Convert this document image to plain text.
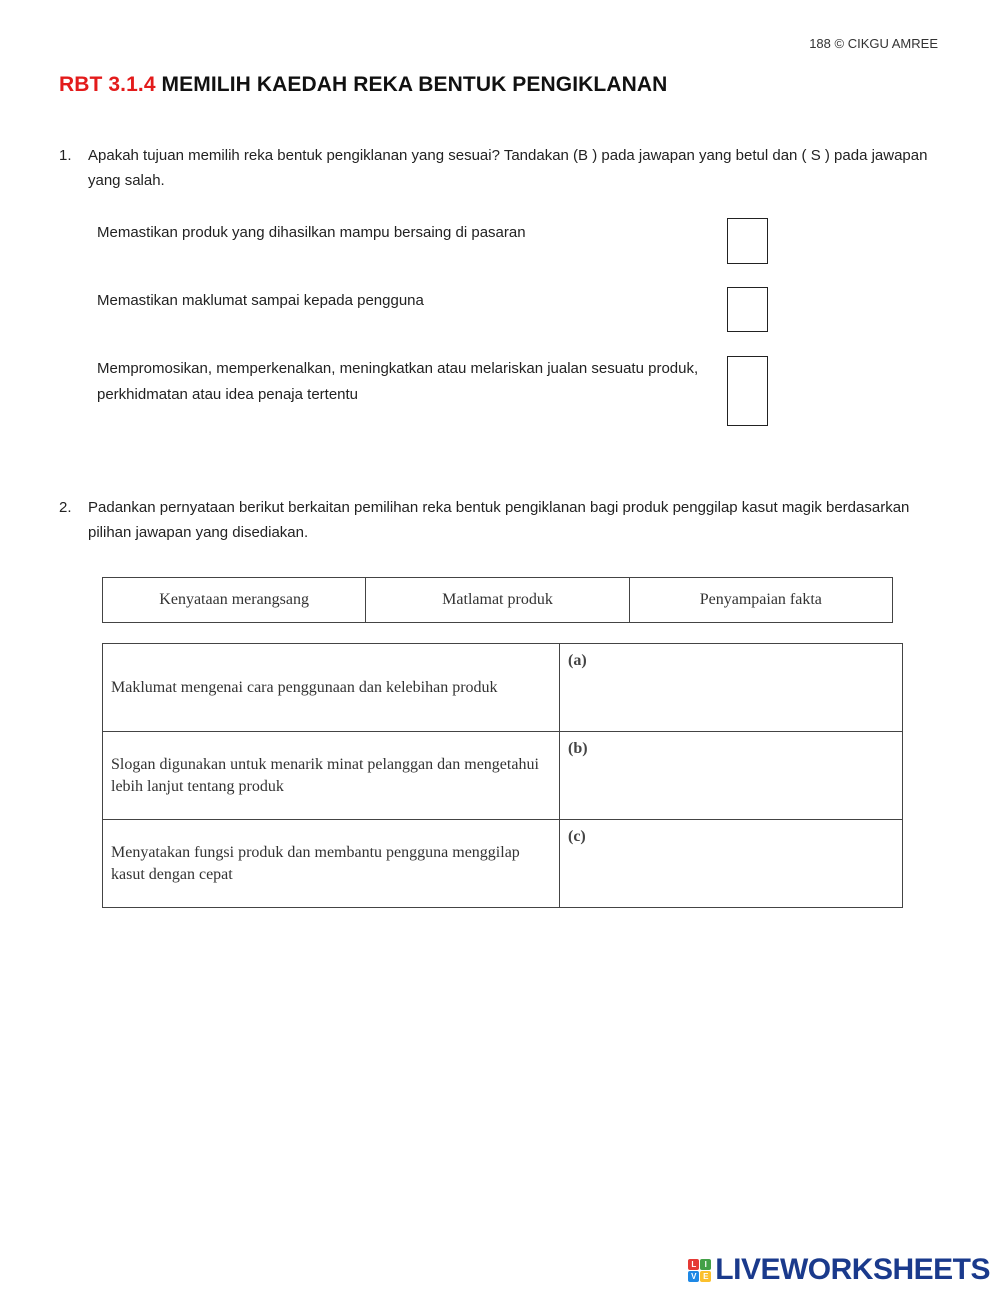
188 © CIKGU AMREE
RBT 3.1.4 MEMILIH KAEDAH REKA BENTUK PENGIKLANAN
1. Apakah tujuan memilih reka bentuk pengiklanan yang sesuai? Tandakan (B ) pada jawapan yang betul dan ( S ) pada jawapan yang salah.
Memastikan produk yang dihasilkan mampu bersaing di pasaran
Memastikan maklumat sampai kepada pengguna
Mempromosikan, memperkenalkan, meningkatkan atau melariskan jualan sesuatu produk, perkhidmatan atau idea penaja tertentu
2. Padankan pernyataan berikut berkaitan pemilihan reka bentuk pengiklanan bagi produk penggilap kasut magik berdasarkan pilihan jawapan yang disediakan.
Kenyataan merangsang	Matlamat produk	Penyampaian fakta
Maklumat mengenai cara penggunaan dan kelebihan produk	(a)

Slogan digunakan untuk menarik minat pelanggan dan mengetahui lebih lanjut tentang produk	(b)

Menyatakan fungsi produk dan membantu pengguna menggilap kasut dengan cepat	(c)
L	I
V E LIVEWORKSHEETS
